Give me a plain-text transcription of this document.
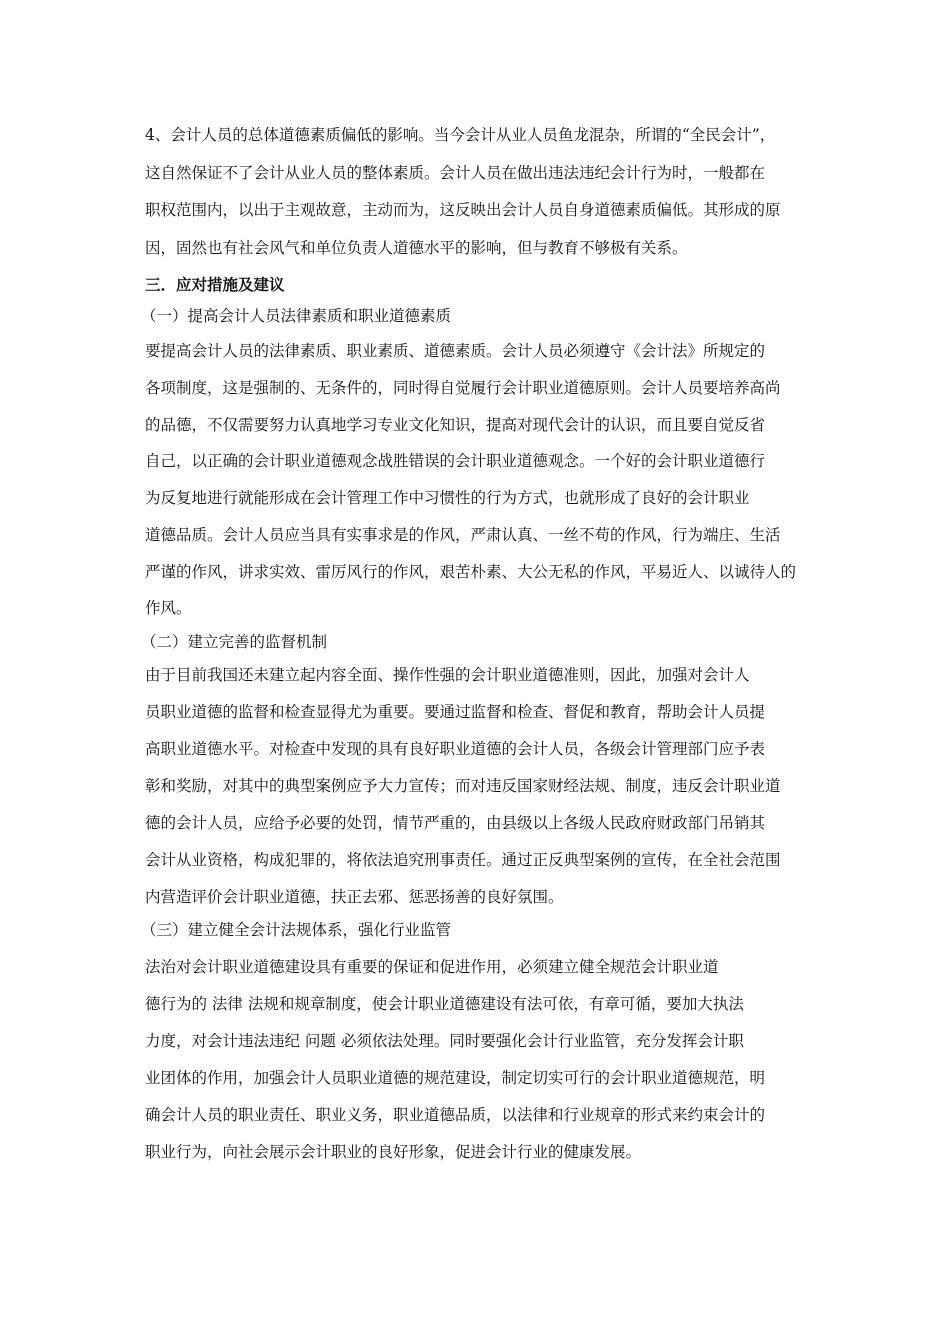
4、会计人员的总体道德素质偏低的影响。当今会计从业人员鱼龙混杂，所谓的“全民会计”，
这自然保证不了会计从业人员的整体素质。会计人员在做出违法违纪会计行为时，一般都在
职权范围内，以出于主观故意，主动而为，这反映出会计人员自身道德素质偏低。其形成的原
因，固然也有社会风气和单位负责人道德水平的影响，但与教育不够极有关系。
三．应对措施及建议
（一）提高会计人员法律素质和职业道德素质
要提高会计人员的法律素质、职业素质、道德素质。会计人员必须遵守《会计法》所规定的
各项制度，这是强制的、无条件的，同时得自觉履行会计职业道德原则。会计人员要培养高尚
的品德，不仅需要努力认真地学习专业文化知识，提高对现代会计的认识，而且要自觉反省
自己，以正确的会计职业道德观念战胜错误的会计职业道德观念。一个好的会计职业道德行
为反复地进行就能形成在会计管理工作中习惯性的行为方式，也就形成了良好的会计职业
道德品质。会计人员应当具有实事求是的作风，严肃认真、一丝不苟的作风，行为端庄、生活
严谨的作风，讲求实效、雷厉风行的作风，艰苦朴素、大公无私的作风，平易近人、以诚待人的
作风。
（二）建立完善的监督机制
由于目前我国还未建立起内容全面、操作性强的会计职业道德准则，因此，加强对会计人
员职业道德的监督和检查显得尤为重要。要通过监督和检查、督促和教育，帮助会计人员提
高职业道德水平。对检查中发现的具有良好职业道德的会计人员，各级会计管理部门应予表
彰和奖励，对其中的典型案例应予大力宣传；而对违反国家财经法规、制度，违反会计职业道
德的会计人员，应给予必要的处罚，情节严重的，由县级以上各级人民政府财政部门吊销其
会计从业资格，构成犯罪的，将依法追究刑事责任。通过正反典型案例的宣传，在全社会范围
内营造评价会计职业道德，扶正去邪、惩恶扬善的良好氛围。
（三）建立健全会计法规体系，强化行业监管
法治对会计职业道德建设具有重要的保证和促进作用，必须建立健全规范会计职业道
德行为的 法律 法规和规章制度，使会计职业道德建设有法可依，有章可循，要加大执法
力度，对会计违法违纪 问题 必须依法处理。同时要强化会计行业监管，充分发挥会计职
业团体的作用，加强会计人员职业道德的规范建设，制定切实可行的会计职业道德规范，明
确会计人员的职业责任、职业义务，职业道德品质，以法律和行业规章的形式来约束会计的
职业行为，向社会展示会计职业的良好形象，促进会计行业的健康发展。
